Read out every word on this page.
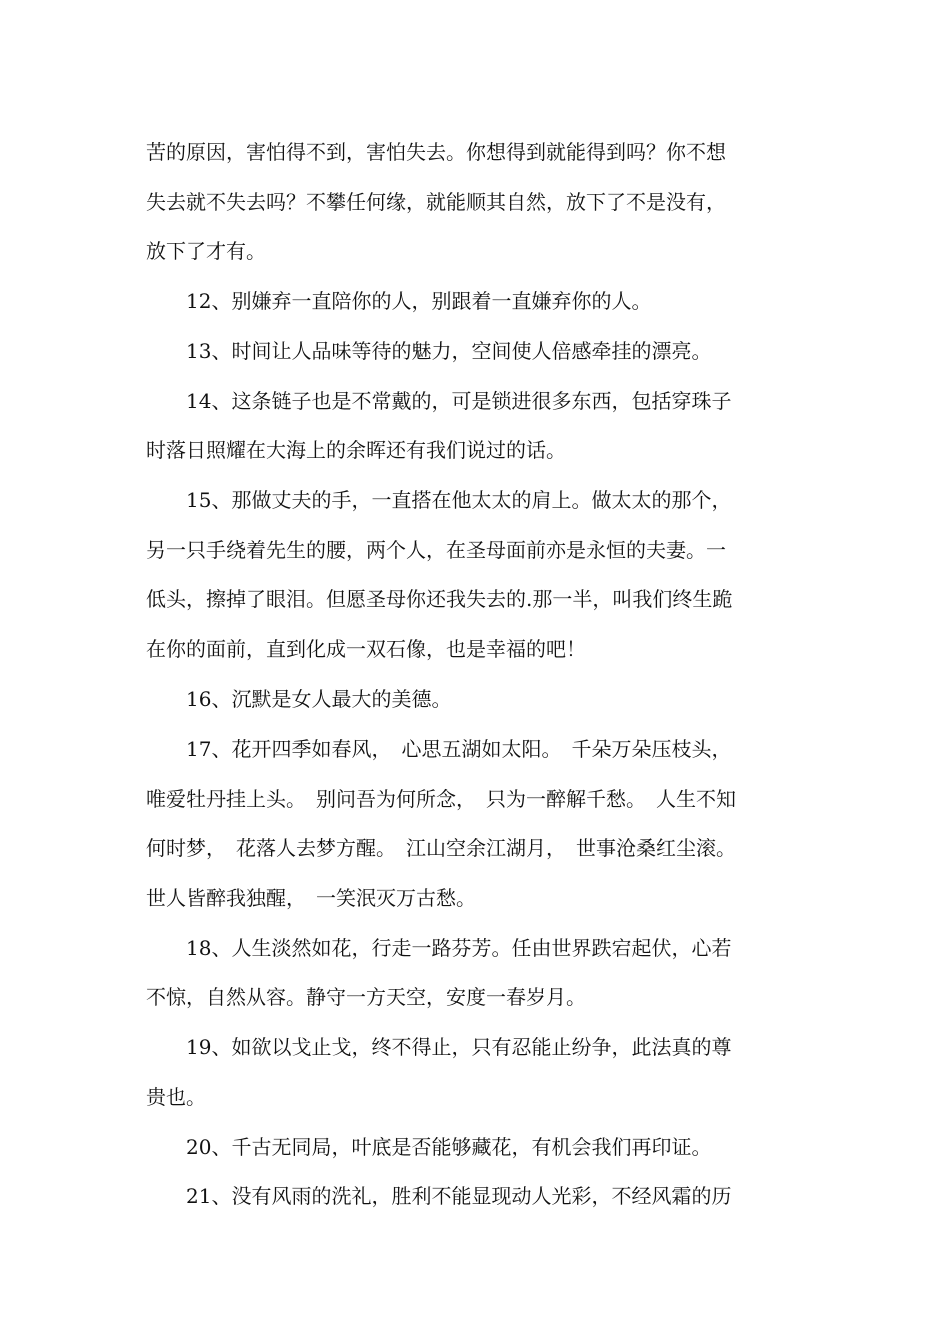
苦的原因，害怕得不到，害怕失去。你想得到就能得到吗？你不想
失去就不失去吗？不攀任何缘，就能顺其自然，放下了不是没有，
放下了才有。
12、别嫌弃一直陪你的人，别跟着一直嫌弃你的人。
13、时间让人品味等待的魅力，空间使人倍感牵挂的漂亮。
14、这条链子也是不常戴的，可是锁进很多东西，包括穿珠子
时落日照耀在大海上的余晖还有我们说过的话。
15、那做丈夫的手，一直搭在他太太的肩上。做太太的那个，
另一只手绕着先生的腰，两个人，在圣母面前亦是永恒的夫妻。一
低头，擦掉了眼泪。但愿圣母你还我失去的.那一半，叫我们终生跪
在你的面前，直到化成一双石像，也是幸福的吧！
16、沉默是女人最大的美德。
17、花开四季如春风，　心思五湖如太阳。　千朵万朵压枝头，
唯爱牡丹挂上头。　别问吾为何所念，　只为一醉解千愁。　人生不知
何时梦，　花落人去梦方醒。　江山空余江湖月，　世事沧桑红尘滚。
世人皆醉我独醒，　一笑泯灭万古愁。
18、人生淡然如花，行走一路芬芳。任由世界跌宕起伏，心若
不惊，自然从容。静守一方天空，安度一春岁月。
19、如欲以戈止戈，终不得止，只有忍能止纷争，此法真的尊
贵也。
20、千古无同局，叶底是否能够藏花，有机会我们再印证。
21、没有风雨的洗礼，胜利不能显现动人光彩，不经风霜的历
